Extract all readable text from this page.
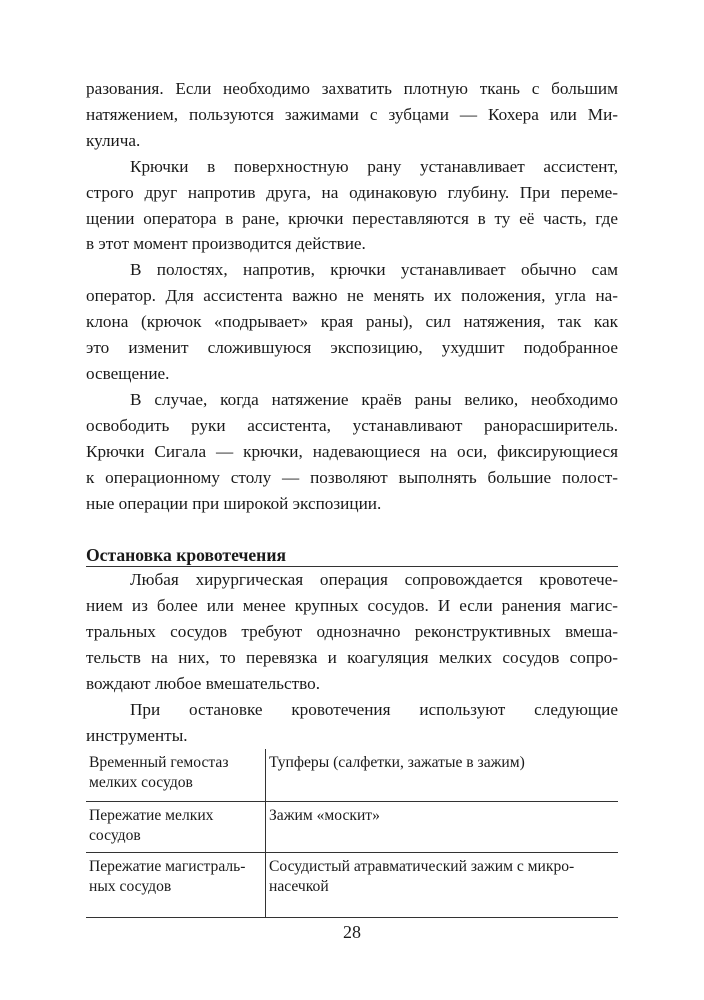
разования. Если необходимо захватить плотную ткань с большим
натяжением, пользуются зажимами с зубцами — Кохера или Ми-
кулича.

Крючки в поверхностную рану устанавливает ассистент,
строго друг напротив друга, на одинаковую глубину. При переме-
щении оператора в ране, крючки переставляются в ту её часть, где
в этот момент производится действие.

В полостях, напротив, крючки устанавливает обычно сам
оператор. Для ассистента важно не менять их положения, угла на-
клона (крючок «подрывает» края раны), сил натяжения, так как
это изменит сложившуюся экспозицию, ухудшит подобранное
освещение.

В случае, когда натяжение краёв раны велико, необходимо
освободить руки ассистента, устанавливают ранорасширитель.
Крючки Сигала — крючки, надевающиеся на оси, фиксирующиеся
к операционному столу — позволяют выполнять большие полост-
ные операции при широкой экспозиции.

Остановка кровотечения

Любая хирургическая операция сопровождается кровотече-
нием из более или менее крупных сосудов. И если ранения магис-
тральных сосудов требуют однозначно реконструктивных вмеша-
тельств на них, то перевязка и коагуляция мелких сосудов сопро-
вождают любое вмешательство.

При остановке кровотечения используют следующие
инструменты.

Временный гемостаз
мелких сосудов	Тупферы (салфетки, зажатые в зажим)
Пережатие мелких
сосудов	Зажим «москит»
Пережатие магистраль-
ных сосудов	Сосудистый атравматический зажим с микро-
насечкой
28
